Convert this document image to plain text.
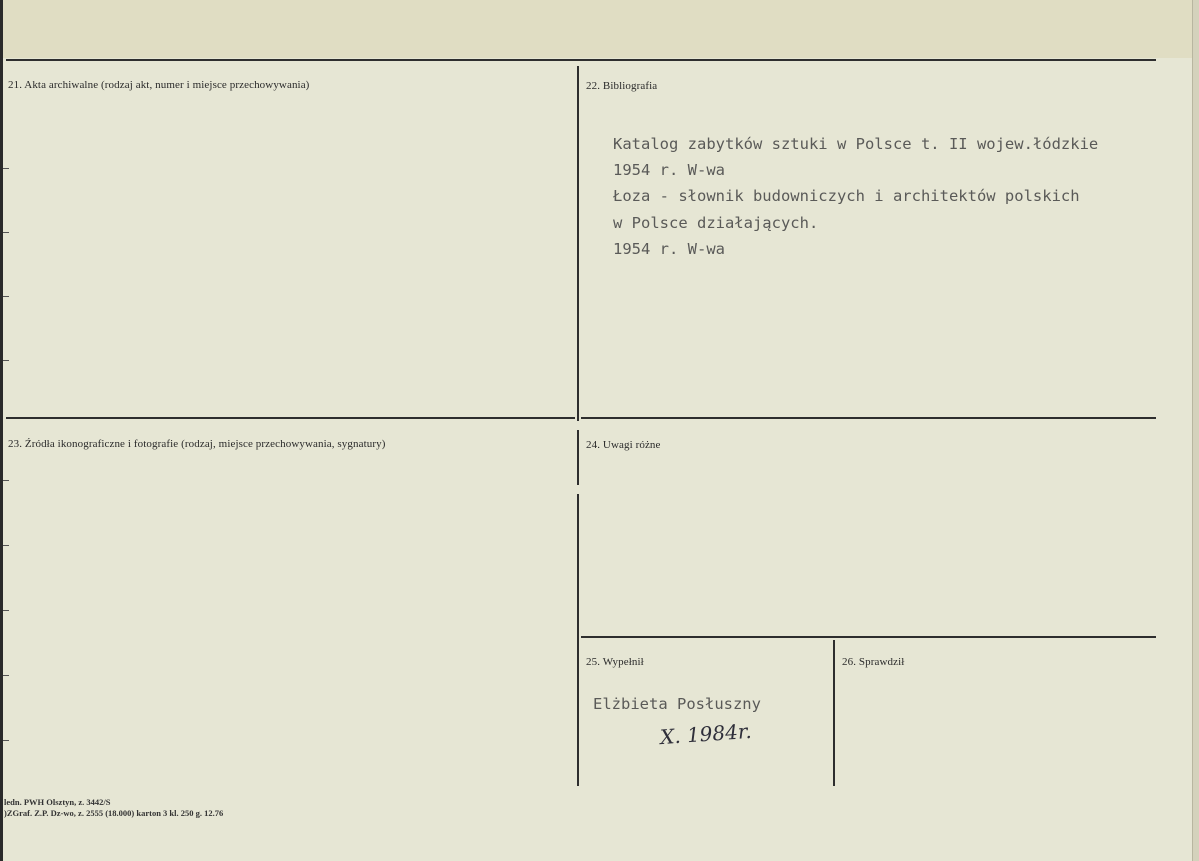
21. Akta archiwalne (rodzaj akt, numer i miejsce przechowywania)	22. Bibliografia
23. Źródła ikonograficzne i fotografie (rodzaj, miejsce przechowywania, sygnatury)	24. Uwagi różne
25. Wypełnił	26. Sprawdził
Katalog zabytków sztuki w Polsce t. II wojew.łódzkie
1954 r. W-wa
Łoza - słownik budowniczych i architektów polskich
w Polsce działających.
1954 r. W-wa
Elżbieta Posłuszny
X. 1984r.
ledn. PWH Olsztyn, z. 3442/S
)ZGraf. Z.P. Dz-wo, z. 2555 (18.000) karton 3 kl. 250 g. 12.76
